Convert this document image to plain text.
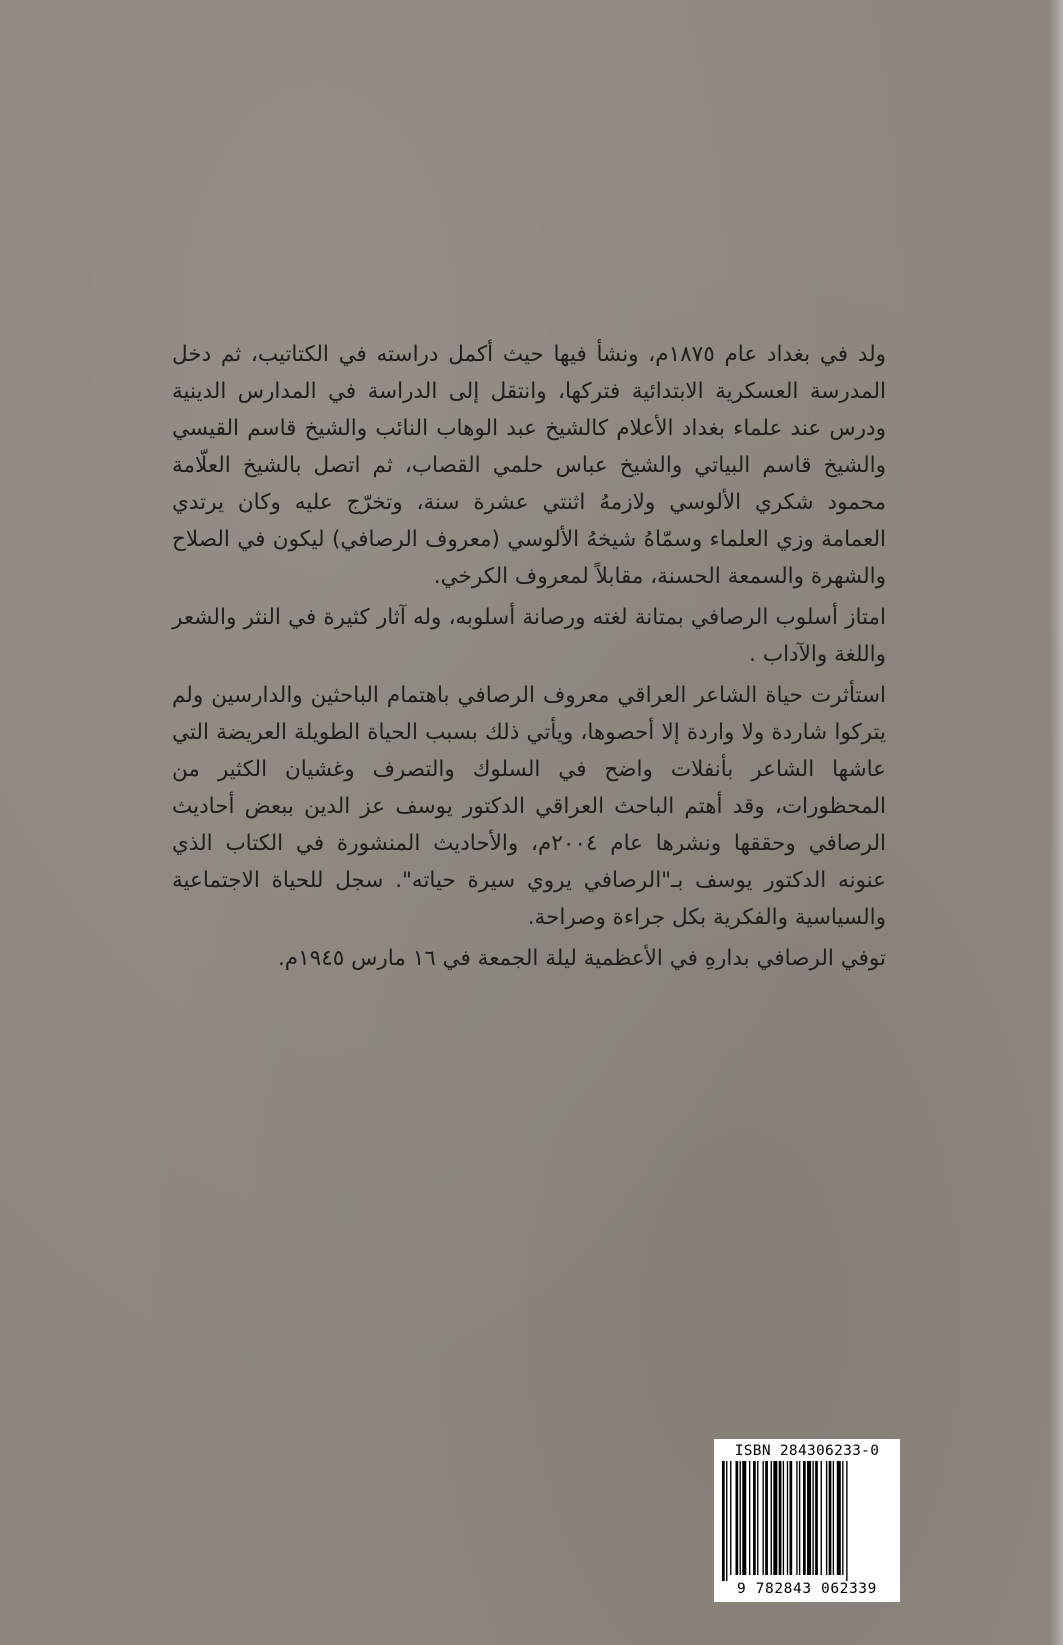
ولد في بغداد عام ١٨٧٥م، ونشأ فيها حيث أكمل دراسته في الكتاتيب، ثم دخل المدرسة العسكرية الابتدائية فتركها، وانتقل إلى الدراسة في المدارس الدينية ودرس عند علماء بغداد الأعلام كالشيخ عبد الوهاب النائب والشيخ قاسم القيسي والشيخ قاسم البياتي والشيخ عباس حلمي القصاب، ثم اتصل بالشيخ العلّامة محمود شكري الألوسي ولازمهُ اثنتي عشرة سنة، وتخرّج عليه وكان يرتدي العمامة وزي العلماء وسمّاهُ شيخهُ الألوسي (معروف الرصافي) ليكون في الصلاح والشهرة والسمعة الحسنة، مقابلاً لمعروف الكرخي.

امتاز أسلوب الرصافي بمتانة لغته ورصانة أسلوبه، وله آثار كثيرة في النثر والشعر واللغة والآداب .

استأثرت حياة الشاعر العراقي معروف الرصافي باهتمام الباحثين والدارسين ولم يتركوا شاردة ولا واردة إلا أحصوها، ويأتي ذلك بسبب الحياة الطويلة العريضة التي عاشها الشاعر بأنفلات واضح في السلوك والتصرف وغشيان الكثير من المحظورات، وقد أهتم الباحث العراقي الدكتور يوسف عز الدين ببعض أحاديث الرصافي وحققها ونشرها عام ٢٠٠٤م، والأحاديث المنشورة في الكتاب الذي عنونه الدكتور يوسف بـ"الرصافي يروي سيرة حياته". سجل للحياة الاجتماعية والسياسية والفكرية بكل جراءة وصراحة.

توفي الرصافي بدارهِ في الأعظمية ليلة الجمعة في ١٦ مارس ١٩٤٥م.

ISBN 284306233-0
9 782843 062339
